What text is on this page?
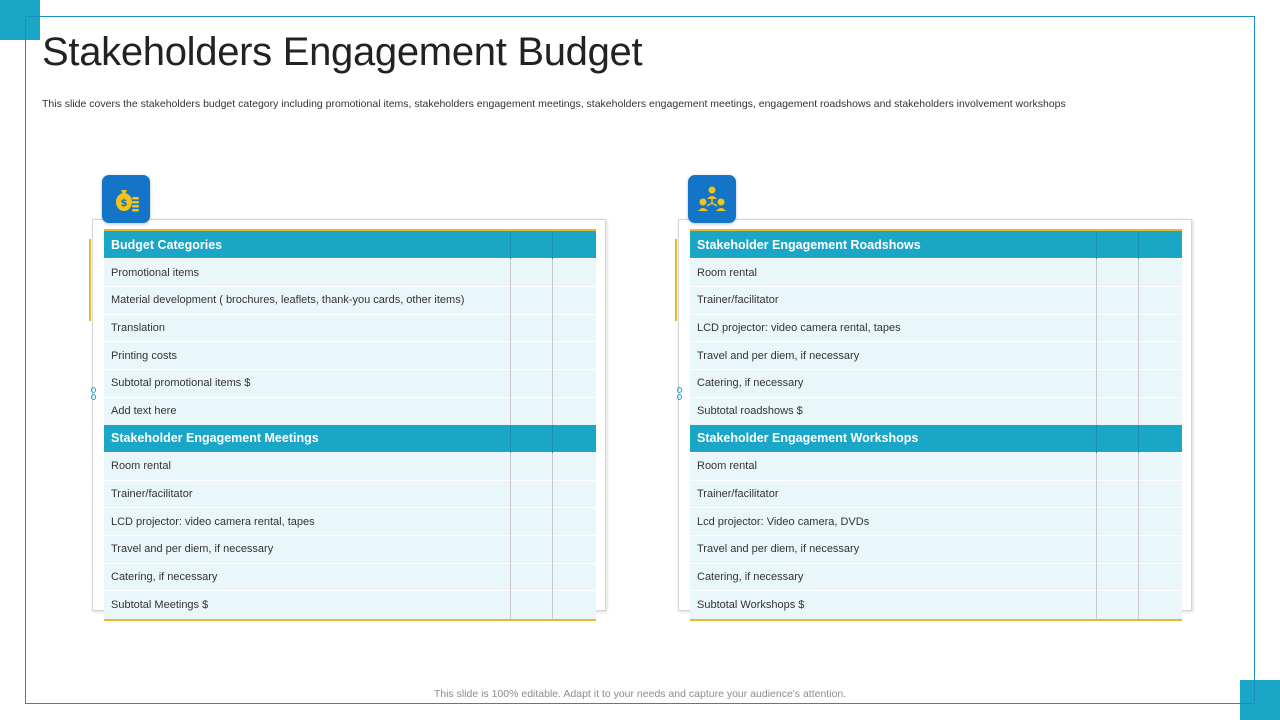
Stakeholders Engagement Budget
This slide covers the stakeholders budget category including promotional items, stakeholders engagement meetings, stakeholders engagement meetings, engagement roadshows and stakeholders involvement workshops
$
Budget Categories		
Promotional items		
Material development ( brochures, leaflets, thank-you cards, other items)		
Translation		
Printing costs		
Subtotal promotional items $		
Add text here		
Stakeholder Engagement Meetings		
Room rental		
Trainer/facilitator		
LCD projector: video camera rental, tapes		
Travel and per diem, if necessary		
Catering, if necessary		
Subtotal Meetings $		
Stakeholder Engagement Roadshows		
Room rental		
Trainer/facilitator		
LCD projector: video camera rental, tapes		
Travel and per diem, if necessary		
Catering, if necessary		
Subtotal roadshows $		
Stakeholder Engagement Workshops		
Room rental		
Trainer/facilitator		
Lcd projector: Video camera, DVDs		
Travel and per diem, if necessary		
Catering, if necessary		
Subtotal Workshops $		
This slide is 100% editable. Adapt it to your needs and capture your audience's attention.
